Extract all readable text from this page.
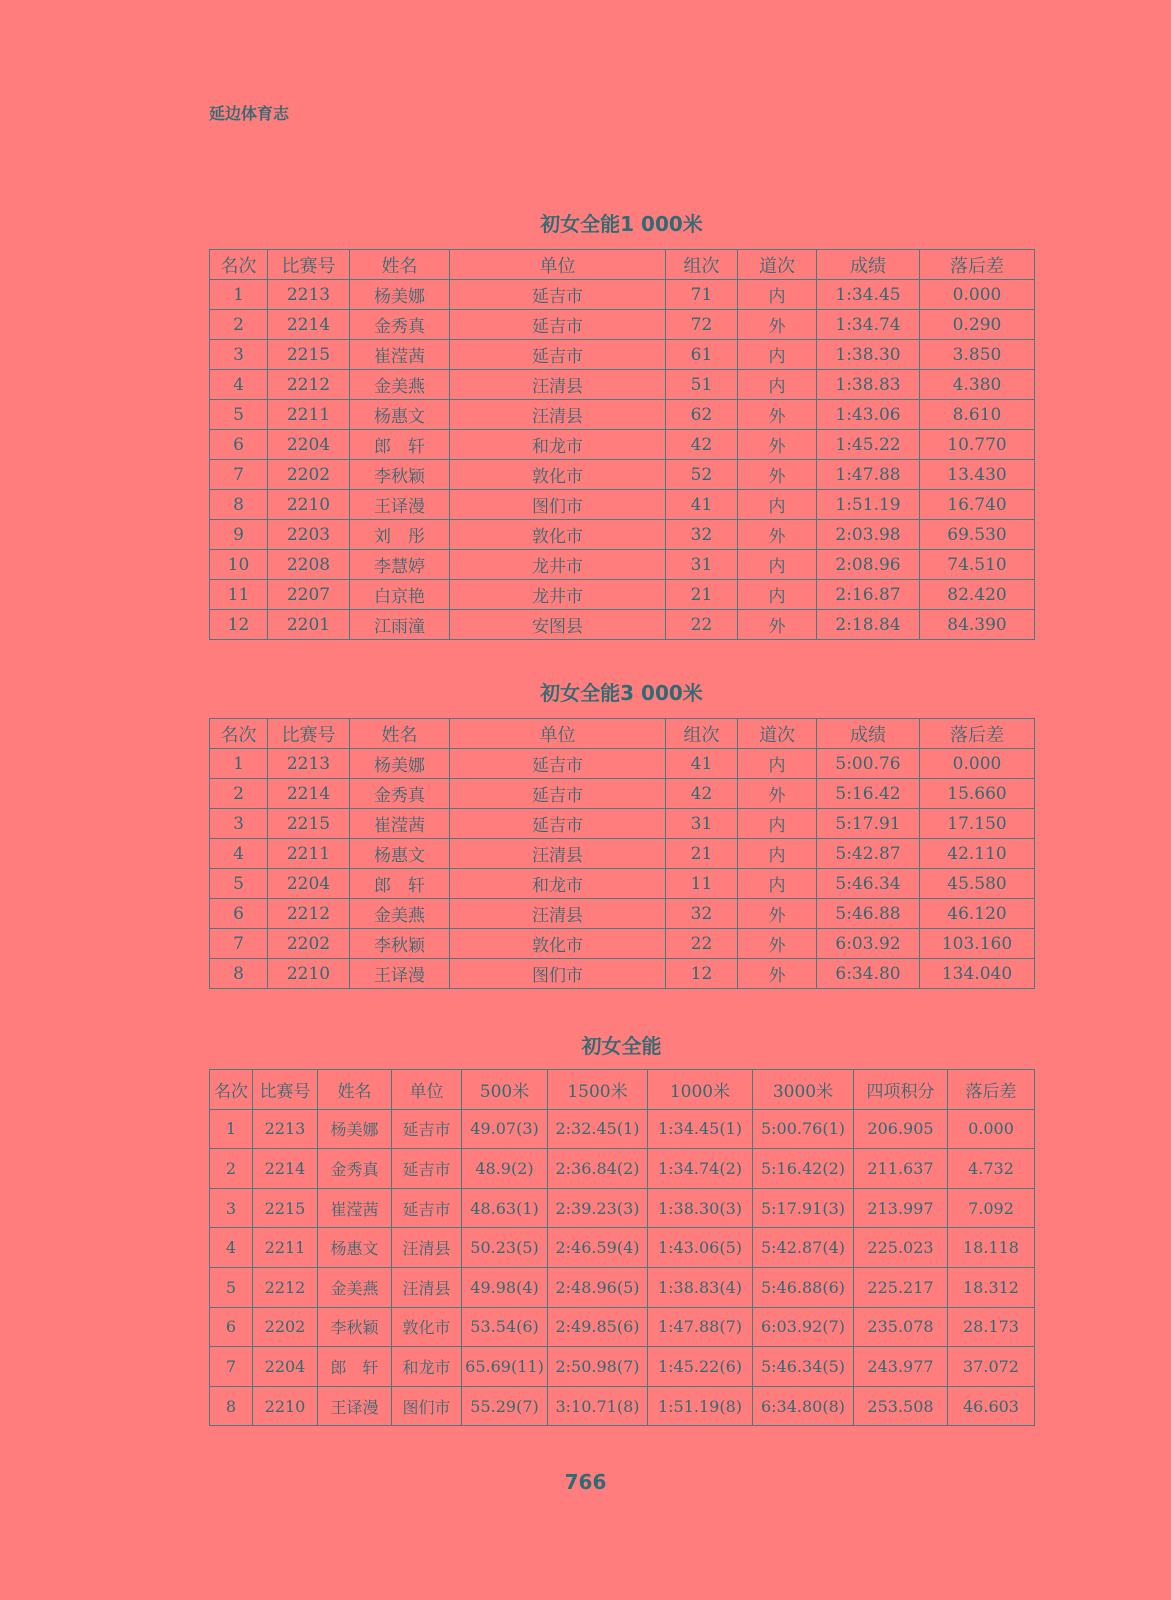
延边体育志
初女全能1 000米
名次	比赛号	姓名	单位	组次	道次	成绩	落后差
1	2213	杨美娜	延吉市	71	内	1:34.45	0.000
2	2214	金秀真	延吉市	72	外	1:34.74	0.290
3	2215	崔滢茜	延吉市	61	内	1:38.30	3.850
4	2212	金美燕	汪清县	51	内	1:38.83	4.380
5	2211	杨惠文	汪清县	62	外	1:43.06	8.610
6	2204	郎　轩	和龙市	42	外	1:45.22	10.770
7	2202	李秋颖	敦化市	52	外	1:47.88	13.430
8	2210	王译漫	图们市	41	内	1:51.19	16.740
9	2203	刘　彤	敦化市	32	外	2:03.98	69.530
10	2208	李慧婷	龙井市	31	内	2:08.96	74.510
11	2207	白京艳	龙井市	21	内	2:16.87	82.420
12	2201	江雨潼	安图县	22	外	2:18.84	84.390
初女全能3 000米
名次	比赛号	姓名	单位	组次	道次	成绩	落后差
1	2213	杨美娜	延吉市	41	内	5:00.76	0.000
2	2214	金秀真	延吉市	42	外	5:16.42	15.660
3	2215	崔滢茜	延吉市	31	内	5:17.91	17.150
4	2211	杨惠文	汪清县	21	内	5:42.87	42.110
5	2204	郎　轩	和龙市	11	内	5:46.34	45.580
6	2212	金美燕	汪清县	32	外	5:46.88	46.120
7	2202	李秋颖	敦化市	22	外	6:03.92	103.160
8	2210	王译漫	图们市	12	外	6:34.80	134.040
初女全能
名次	比赛号	姓名	单位	500米	1500米	1000米	3000米	四项积分	落后差
1	2213	杨美娜	延吉市	49.07(3)	2:32.45(1)	1:34.45(1)	5:00.76(1)	206.905	0.000
2	2214	金秀真	延吉市	48.9(2)	2:36.84(2)	1:34.74(2)	5:16.42(2)	211.637	4.732
3	2215	崔滢茜	延吉市	48.63(1)	2:39.23(3)	1:38.30(3)	5:17.91(3)	213.997	7.092
4	2211	杨惠文	汪清县	50.23(5)	2:46.59(4)	1:43.06(5)	5:42.87(4)	225.023	18.118
5	2212	金美燕	汪清县	49.98(4)	2:48.96(5)	1:38.83(4)	5:46.88(6)	225.217	18.312
6	2202	李秋颖	敦化市	53.54(6)	2:49.85(6)	1:47.88(7)	6:03.92(7)	235.078	28.173
7	2204	郎　轩	和龙市	65.69(11)	2:50.98(7)	1:45.22(6)	5:46.34(5)	243.977	37.072
8	2210	王译漫	图们市	55.29(7)	3:10.71(8)	1:51.19(8)	6:34.80(8)	253.508	46.603
766
